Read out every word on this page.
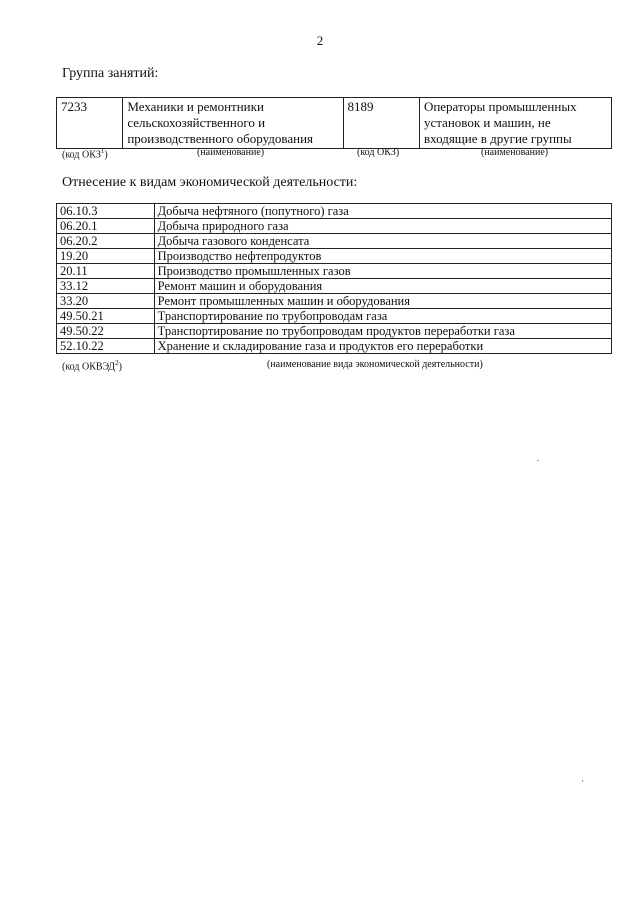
2
Группа занятий:
7233	Механики и ремонтники сельскохозяйственного и производственного оборудования	8189	Операторы промышленных установок и машин, не входящие в другие группы
(код ОКЗ$^1$)	(наименование)	(код ОКЗ)	(наименование)
Отнесение к видам экономической деятельности:
06.10.3	Добыча нефтяного (попутного) газа
06.20.1	Добыча природного газа
06.20.2	Добыча газового конденсата
19.20	Производство нефтепродуктов
20.11	Производство промышленных газов
33.12	Ремонт машин и оборудования
33.20	Ремонт промышленных машин и оборудования
49.50.21	Транспортирование по трубопроводам газа
49.50.22	Транспортирование по трубопроводам продуктов переработки газа
52.10.22	Хранение и складирование газа и продуктов его переработки
(код ОКВЭД$^2$)	(наименование вида экономической деятельности)
